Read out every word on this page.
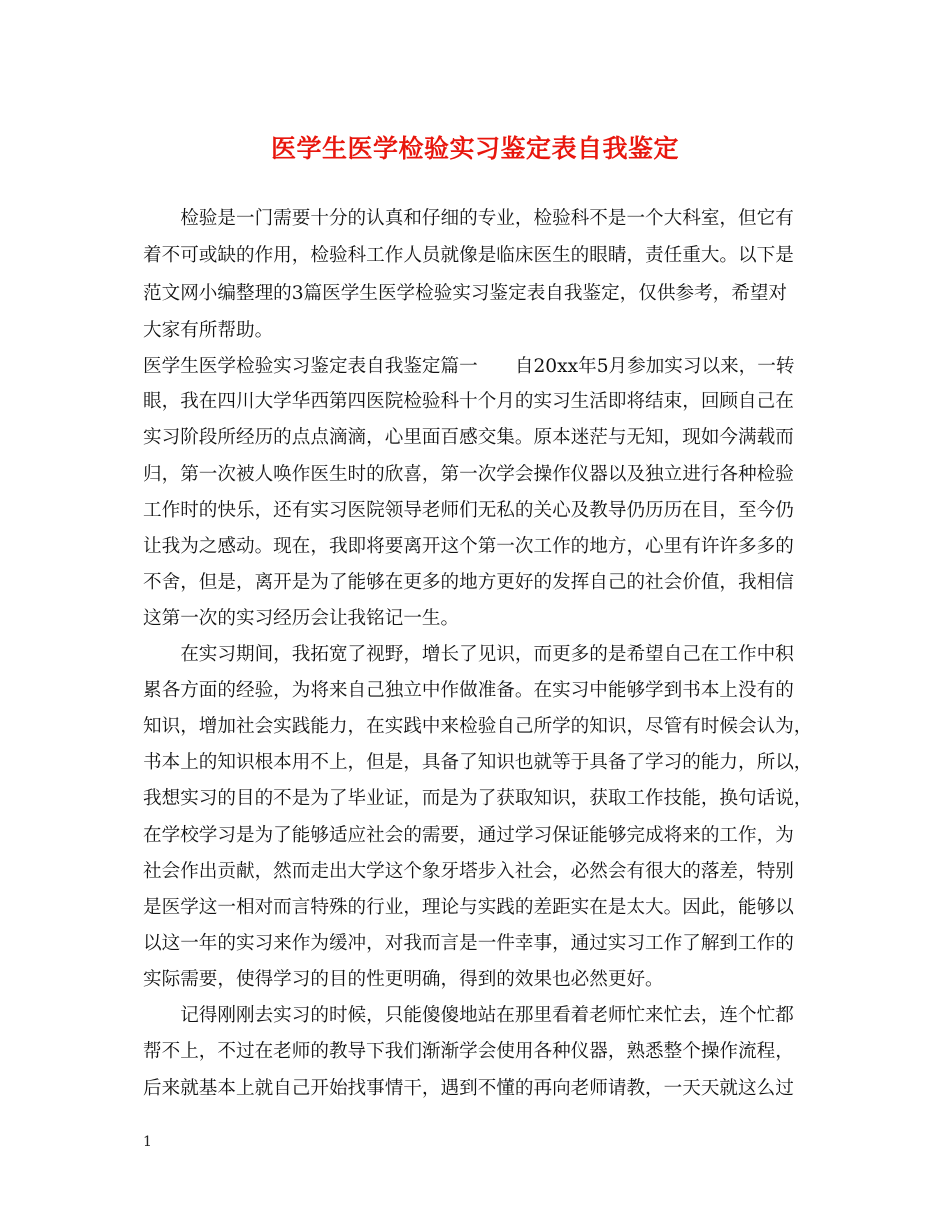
医学生医学检验实习鉴定表自我鉴定
　　检验是一门需要十分的认真和仔细的专业，检验科不是一个大科室，但它有
着不可或缺的作用，检验科工作人员就像是临床医生的眼睛，责任重大。以下是
范文网小编整理的3篇医学生医学检验实习鉴定表自我鉴定，仅供参考，希望对
大家有所帮助。
医学生医学检验实习鉴定表自我鉴定篇一　　自20xx年5月参加实习以来，一转
眼，我在四川大学华西第四医院检验科十个月的实习生活即将结束，回顾自己在
实习阶段所经历的点点滴滴，心里面百感交集。原本迷茫与无知，现如今满载而
归，第一次被人唤作医生时的欣喜，第一次学会操作仪器以及独立进行各种检验
工作时的快乐，还有实习医院领导老师们无私的关心及教导仍历历在目，至今仍
让我为之感动。现在，我即将要离开这个第一次工作的地方，心里有许许多多的
不舍，但是，离开是为了能够在更多的地方更好的发挥自己的社会价值，我相信
这第一次的实习经历会让我铭记一生。
　　在实习期间，我拓宽了视野，增长了见识，而更多的是希望自己在工作中积
累各方面的经验，为将来自己独立中作做准备。在实习中能够学到书本上没有的
知识，增加社会实践能力，在实践中来检验自己所学的知识，尽管有时候会认为，
书本上的知识根本用不上，但是，具备了知识也就等于具备了学习的能力，所以，
我想实习的目的不是为了毕业证，而是为了获取知识，获取工作技能，换句话说，
在学校学习是为了能够适应社会的需要，通过学习保证能够完成将来的工作，为
社会作出贡献，然而走出大学这个象牙塔步入社会，必然会有很大的落差，特别
是医学这一相对而言特殊的行业，理论与实践的差距实在是太大。因此，能够以
以这一年的实习来作为缓冲，对我而言是一件幸事，通过实习工作了解到工作的
实际需要，使得学习的目的性更明确，得到的效果也必然更好。
　　记得刚刚去实习的时候，只能傻傻地站在那里看着老师忙来忙去，连个忙都
帮不上，不过在老师的教导下我们渐渐学会使用各种仪器，熟悉整个操作流程，
后来就基本上就自己开始找事情干，遇到不懂的再向老师请教，一天天就这么过
1
